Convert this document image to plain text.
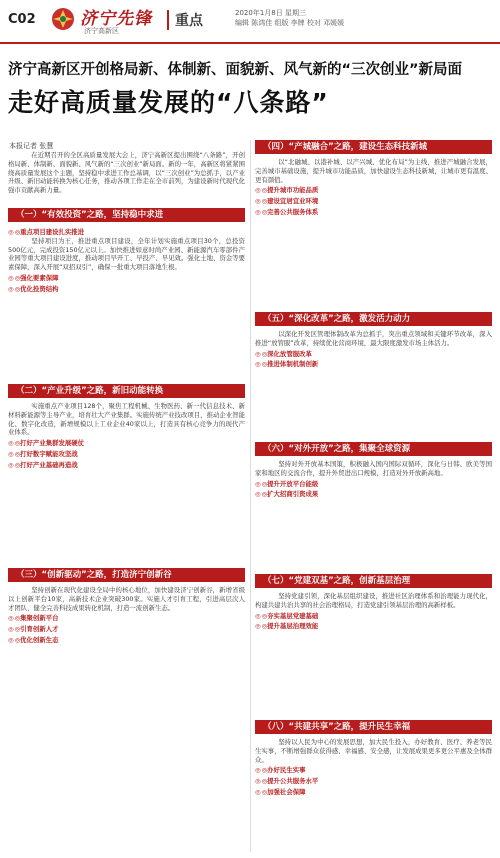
C02	济宁先锋
济宁高新区
重点	2020年1月8日 星期三
编辑 陈鸿佳 组版 李牌 校对 邓媛媛
济宁高新区开创格局新、体制新、面貌新、风气新的“三次创业”新局面
走好高质量发展的“八条路”
本报记者 张慧

　　在近期召开的全区高质量发展大会上，济宁高新区提出围绕“八条路”，开创格局新、体制新、面貌新、风气新的“三次创业”新局面。新的一年，高新区将紧紧围绕高质量发展这个主题，坚持稳中求进工作总基调，以“三次创业”为总抓手，以产业升级、新旧动能转换为核心任务，推动各项工作走在全市前列，为建设新时代现代化强市贡献高新力量。

（一）“有效投资”之路，坚持稳中求进
◎ ◎重点项目建设扎实推进

　　坚持项目为王，推进重点项目建设，全年计划实施重点项目30个，总投资500亿元，完成投资150亿元以上。加快推进如意时尚产业园、新能源汽车零部件产业园等重大项目建设进度，推动项目早开工、早投产、早见效。强化土地、资金等要素保障，深入开展“双招双引”，确保一批重大项目落地生根。

◎ ◎强化要素保障
◎ ◎优化投资结构
（二）“产业升级”之路，新旧动能转换

　　实施重点产业项目128个，聚焦工程机械、生物医药、新一代信息技术、新材料新能源等主导产业，培育壮大产业集群。实施传统产业技改项目，推动企业智能化、数字化改造，新增规模以上工业企业40家以上，打造具有核心竞争力的现代产业体系。

◎ ◎打好产业集群发展硬仗
◎ ◎打好数字赋能攻坚战
◎ ◎打好产业基础再造战
（三）“创新驱动”之路，打造济宁创新谷

　　坚持创新在现代化建设全局中的核心地位，加快建设济宁创新谷，新增省级以上创新平台10家，高新技术企业突破300家。实施人才引育工程，引进高层次人才团队，健全完善科技成果转化机制，打造一流创新生态。

◎ ◎集聚创新平台
◎ ◎引育创新人才
◎ ◎优化创新生态
（四）“产城融合”之路，建设生态科技新城

　　以“北融城、以港补城、以产兴城、优化布局”为主线，推进产城融合发展，完善城市基础设施，提升城市功能品质，加快建设生态科技新城，让城市更有温度、更有颜值。

◎ ◎提升城市功能品质
◎ ◎建设宜居宜业环境
◎ ◎完善公共服务体系
（五）“深化改革”之路，激发活力动力

　　以深化开发区管理体制改革为总抓手，突出重点领域和关键环节改革，深入推进“放管服”改革，持续优化营商环境，最大限度激发市场主体活力。

◎ ◎深化放管服改革
◎ ◎推进体制机制创新
（六）“对外开放”之路，集聚全球资源

　　坚持对外开放基本国策，积极融入国内国际双循环，深化与日韩、欧美等国家和地区的交流合作，提升外贸进出口规模，打造对外开放新高地。

◎ ◎提升开放平台能级
◎ ◎扩大招商引资成果
（七）“党建双基”之路，创新基层治理

　　坚持党建引领，深化基层组织建设，推进社区治理体系和治理能力现代化，构建共建共治共享的社会治理格局，打造党建引领基层治理的高新样板。

◎ ◎夯实基层党建基础
◎ ◎提升基层治理效能
（八）“共建共享”之路，提升民生幸福

　　坚持以人民为中心的发展思想，加大民生投入，办好教育、医疗、养老等民生实事，不断增强群众获得感、幸福感、安全感，让发展成果更多更公平惠及全体群众。

◎ ◎办好民生实事
◎ ◎提升公共服务水平
◎ ◎加强社会保障
